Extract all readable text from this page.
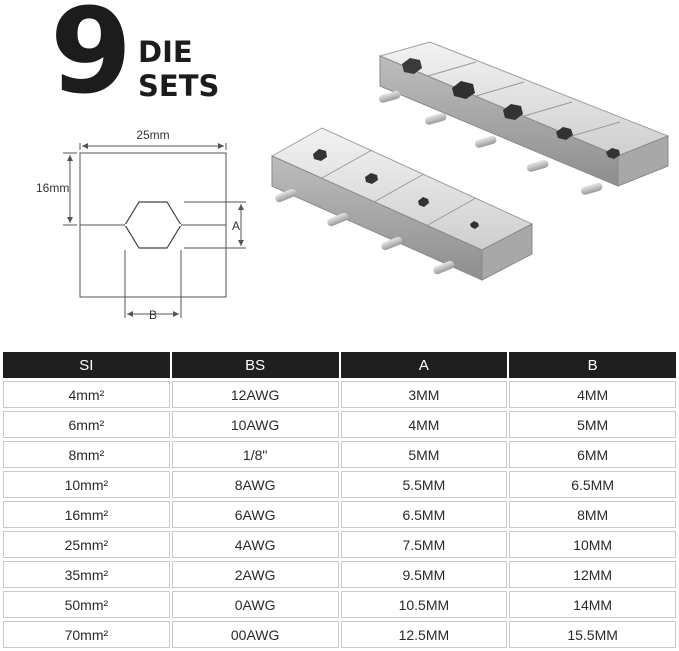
9 DIE
SETS
25mm
16mm
A
B
SI	BS	A	B
4mm²	12AWG	3MM	4MM
6mm²	10AWG	4MM	5MM
8mm²	1/8"	5MM	6MM
10mm²	8AWG	5.5MM	6.5MM
16mm²	6AWG	6.5MM	8MM
25mm²	4AWG	7.5MM	10MM
35mm²	2AWG	9.5MM	12MM
50mm²	0AWG	10.5MM	14MM
70mm²	00AWG	12.5MM	15.5MM
